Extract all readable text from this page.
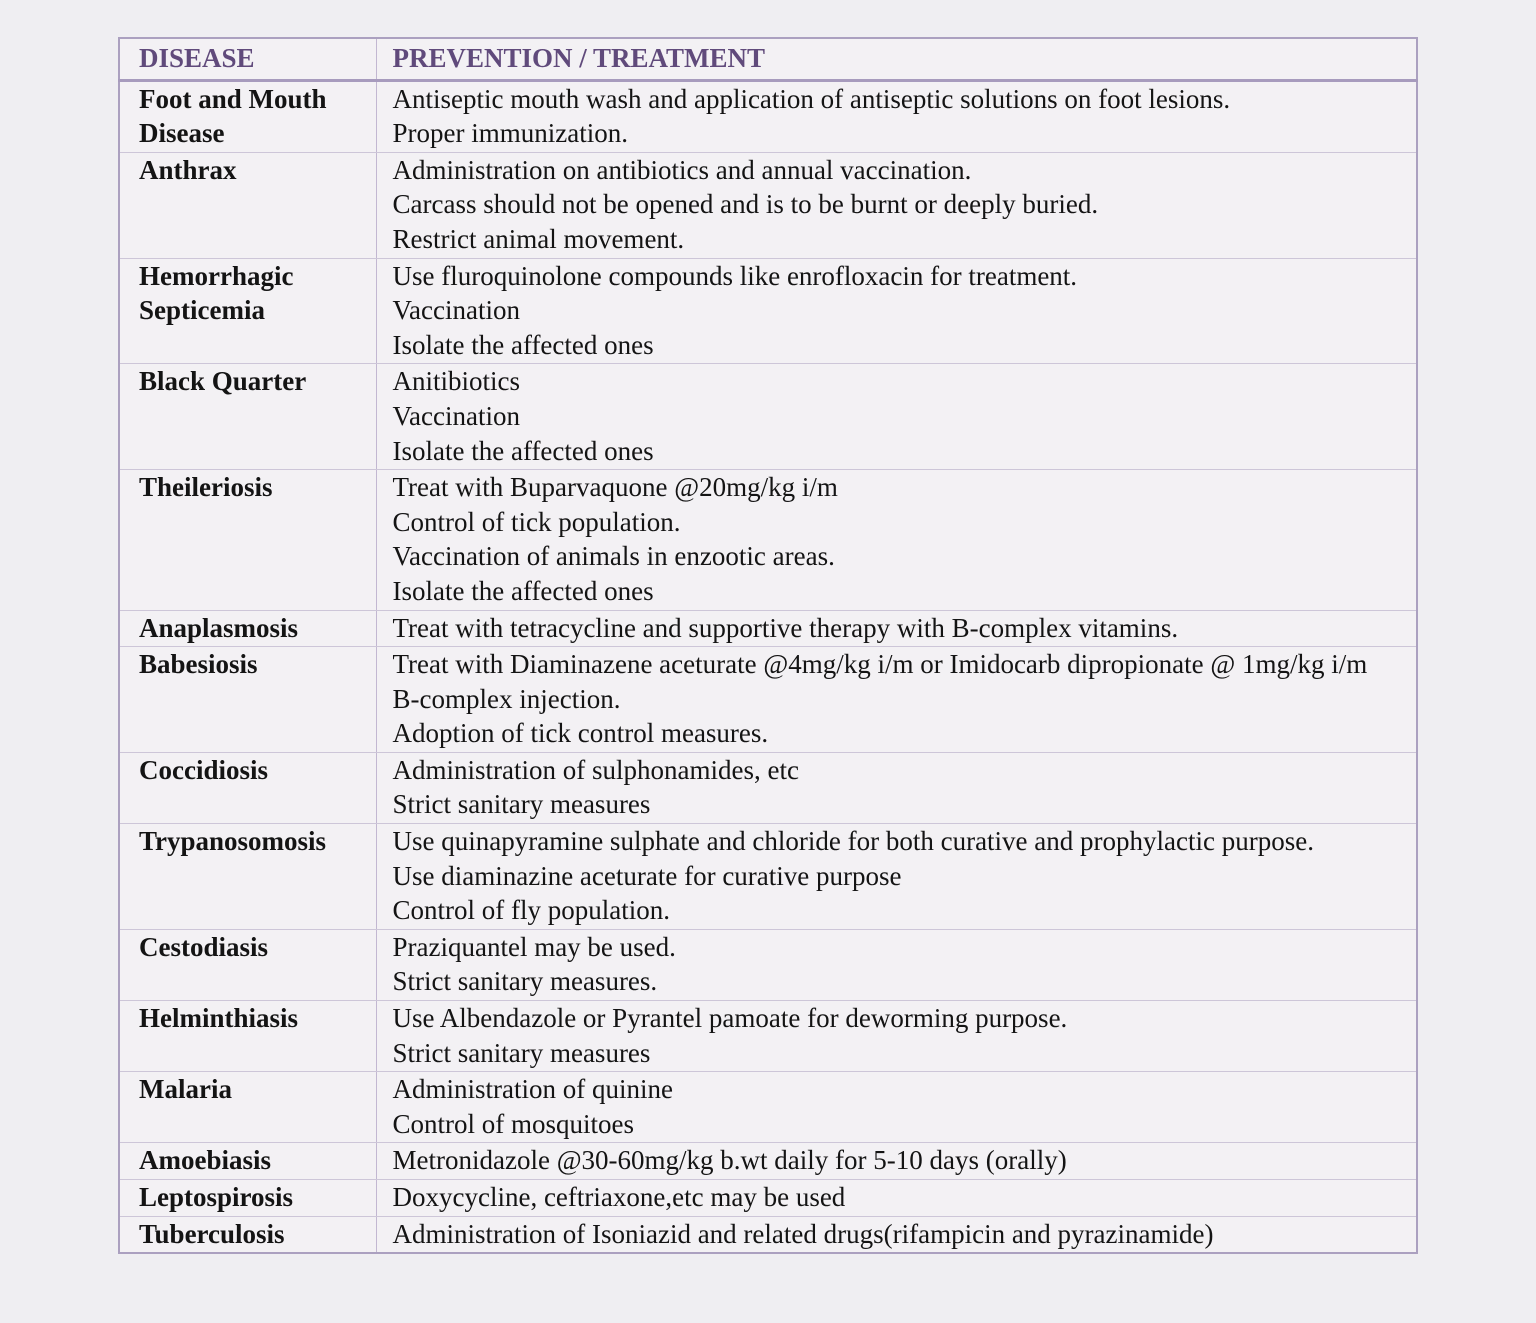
DISEASE	PREVENTION / TREATMENT
Foot and Mouth Disease	Antiseptic mouth wash and application of antiseptic solutions on foot lesions.
Proper immunization.

Anthrax	Administration on antibiotics and annual vaccination.
Carcass should not be opened and is to be burnt or deeply buried.
Restrict animal movement.

Hemorrhagic Septicemia	Use fluroquinolone compounds like enrofloxacin for treatment.
Vaccination
Isolate the affected ones

Black Quarter	Anitibiotics
Vaccination
Isolate the affected ones

Theileriosis	Treat with Buparvaquone @20mg/kg i/m
Control of tick population.
Vaccination of animals in enzootic areas.
Isolate the affected ones

Anaplasmosis	Treat with tetracycline and supportive therapy with B-complex vitamins.

Babesiosis	Treat with Diaminazene aceturate @4mg/kg i/m or Imidocarb dipropionate @ 1mg/kg i/m
B-complex injection.
Adoption of tick control measures.

Coccidiosis	Administration of sulphonamides, etc
Strict sanitary measures

Trypanosomosis	Use quinapyramine sulphate and chloride for both curative and prophylactic purpose.
Use diaminazine aceturate for curative purpose
Control of fly population.

Cestodiasis	Praziquantel may be used.
Strict sanitary measures.

Helminthiasis	Use Albendazole or Pyrantel pamoate for deworming purpose.
Strict sanitary measures

Malaria	Administration of quinine
Control of mosquitoes

Amoebiasis	Metronidazole @30-60mg/kg b.wt daily for 5-10 days (orally)

Leptospirosis	Doxycycline, ceftriaxone,etc may be used

Tuberculosis	Administration of Isoniazid and related drugs(rifampicin and pyrazinamide)
